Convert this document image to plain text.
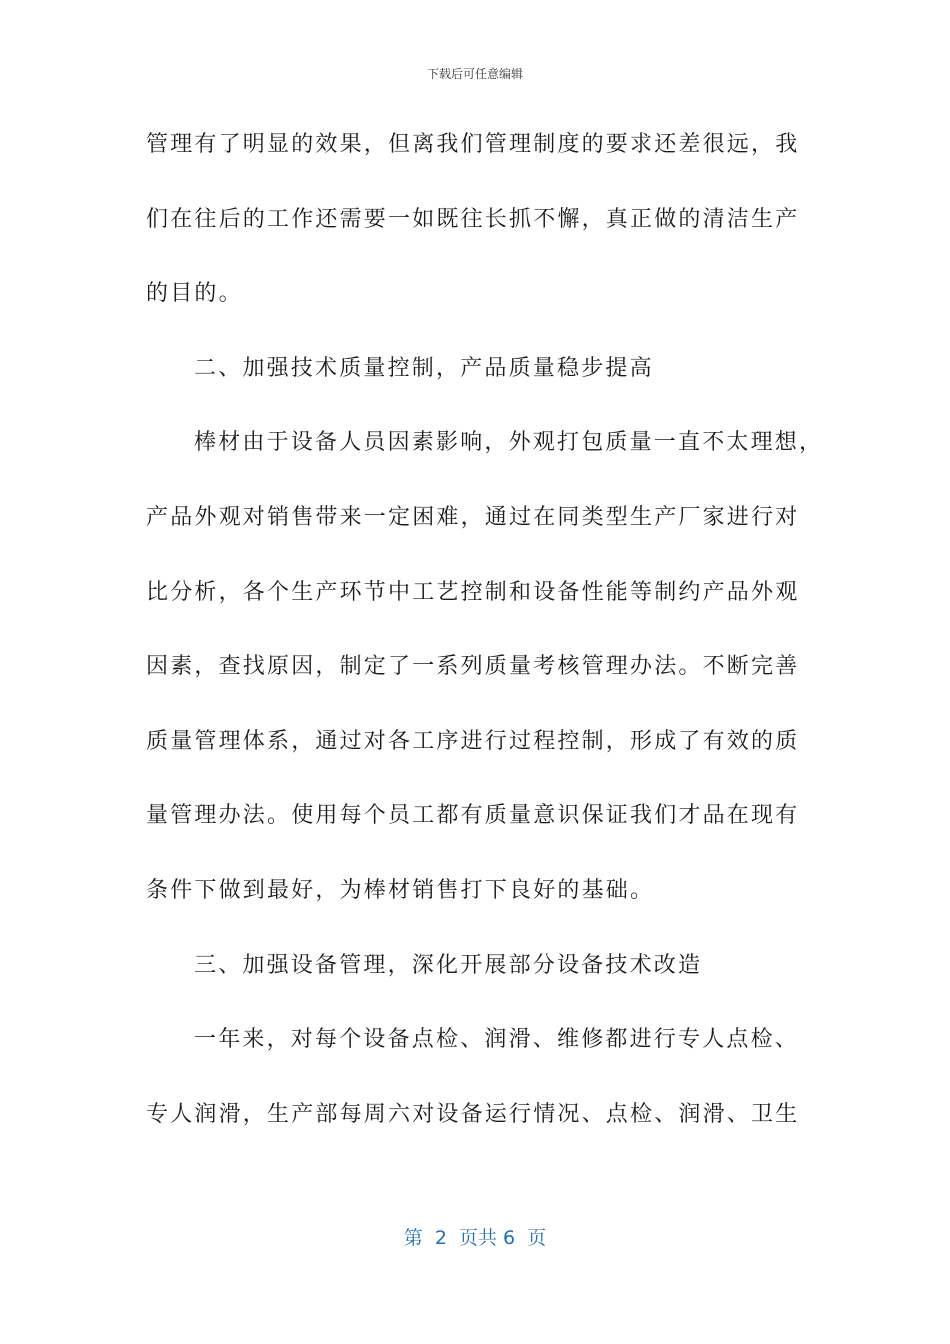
下载后可任意编辑
管理有了明显的效果，但离我们管理制度的要求还差很远，我
们在往后的工作还需要一如既往长抓不懈，真正做的清洁生产
的目的。
二、加强技术质量控制，产品质量稳步提高
棒材由于设备人员因素影响，外观打包质量一直不太理想，
产品外观对销售带来一定困难，通过在同类型生产厂家进行对
比分析，各个生产环节中工艺控制和设备性能等制约产品外观
因素，查找原因，制定了一系列质量考核管理办法。不断完善
质量管理体系，通过对各工序进行过程控制，形成了有效的质
量管理办法。使用每个员工都有质量意识保证我们才品在现有
条件下做到最好，为棒材销售打下良好的基础。
三、加强设备管理，深化开展部分设备技术改造
一年来，对每个设备点检、润滑、维修都进行专人点检、
专人润滑，生产部每周六对设备运行情况、点检、润滑、卫生
第  2  页共 6  页
